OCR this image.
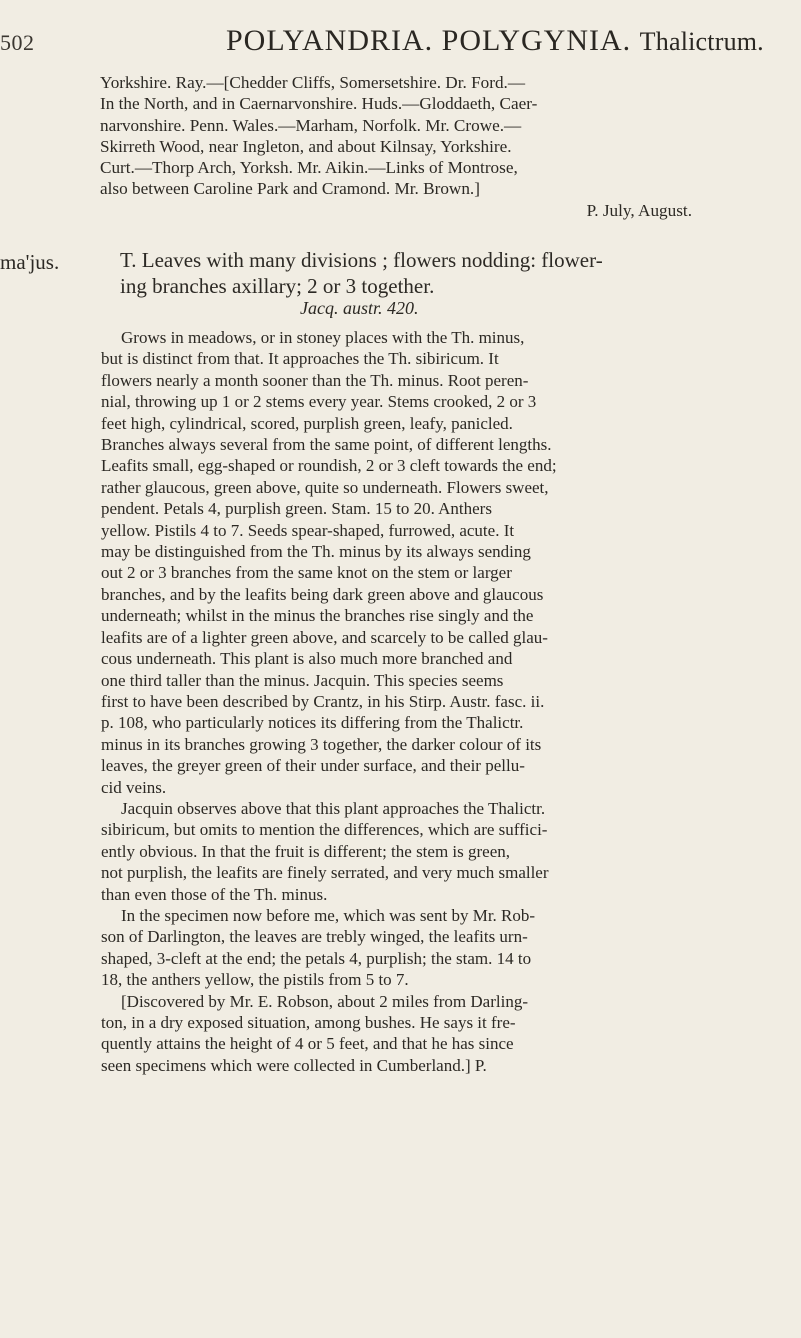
502	POLYANDRIA. POLYGYNIA. Thalictrum.
Yorkshire. Ray.—[Chedder Cliffs, Somersetshire. Dr. Ford.—
In the North, and in Caernarvonshire. Huds.—Gloddaeth, Caer-
narvonshire. Penn. Wales.—Marham, Norfolk. Mr. Crowe.—
Skirreth Wood, near Ingleton, and about Kilnsay, Yorkshire.
Curt.—Thorp Arch, Yorksh. Mr. Aikin.—Links of Montrose,
also between Caroline Park and Cramond. Mr. Brown.]
P. July, August.
ma'jus.	T. Leaves with many divisions ; flowers nodding: flower-
ing branches axillary; 2 or 3 together.
Jacq. austr. 420.
Grows in meadows, or in stoney places with the Th. minus,
but is distinct from that. It approaches the Th. sibiricum. It
flowers nearly a month sooner than the Th. minus. Root peren-
nial, throwing up 1 or 2 stems every year. Stems crooked, 2 or 3
feet high, cylindrical, scored, purplish green, leafy, panicled.
Branches always several from the same point, of different lengths.
Leafits small, egg-shaped or roundish, 2 or 3 cleft towards the end;
rather glaucous, green above, quite so underneath. Flowers sweet,
pendent. Petals 4, purplish green. Stam. 15 to 20. Anthers
yellow. Pistils 4 to 7. Seeds spear-shaped, furrowed, acute. It
may be distinguished from the Th. minus by its always sending
out 2 or 3 branches from the same knot on the stem or larger
branches, and by the leafits being dark green above and glaucous
underneath; whilst in the minus the branches rise singly and the
leafits are of a lighter green above, and scarcely to be called glau-
cous underneath. This plant is also much more branched and
one third taller than the minus. Jacquin. This species seems
first to have been described by Crantz, in his Stirp. Austr. fasc. ii.
p. 108, who particularly notices its differing from the Thalictr.
minus in its branches growing 3 together, the darker colour of its
leaves, the greyer green of their under surface, and their pellu-
cid veins.
Jacquin observes above that this plant approaches the Thalictr.
sibiricum, but omits to mention the differences, which are suffici-
ently obvious. In that the fruit is different; the stem is green,
not purplish, the leafits are finely serrated, and very much smaller
than even those of the Th. minus.
In the specimen now before me, which was sent by Mr. Rob-
son of Darlington, the leaves are trebly winged, the leafits urn-
shaped, 3-cleft at the end; the petals 4, purplish; the stam. 14 to
18, the anthers yellow, the pistils from 5 to 7.
[Discovered by Mr. E. Robson, about 2 miles from Darling-
ton, in a dry exposed situation, among bushes. He says it fre-
quently attains the height of 4 or 5 feet, and that he has since
seen specimens which were collected in Cumberland.] P.
